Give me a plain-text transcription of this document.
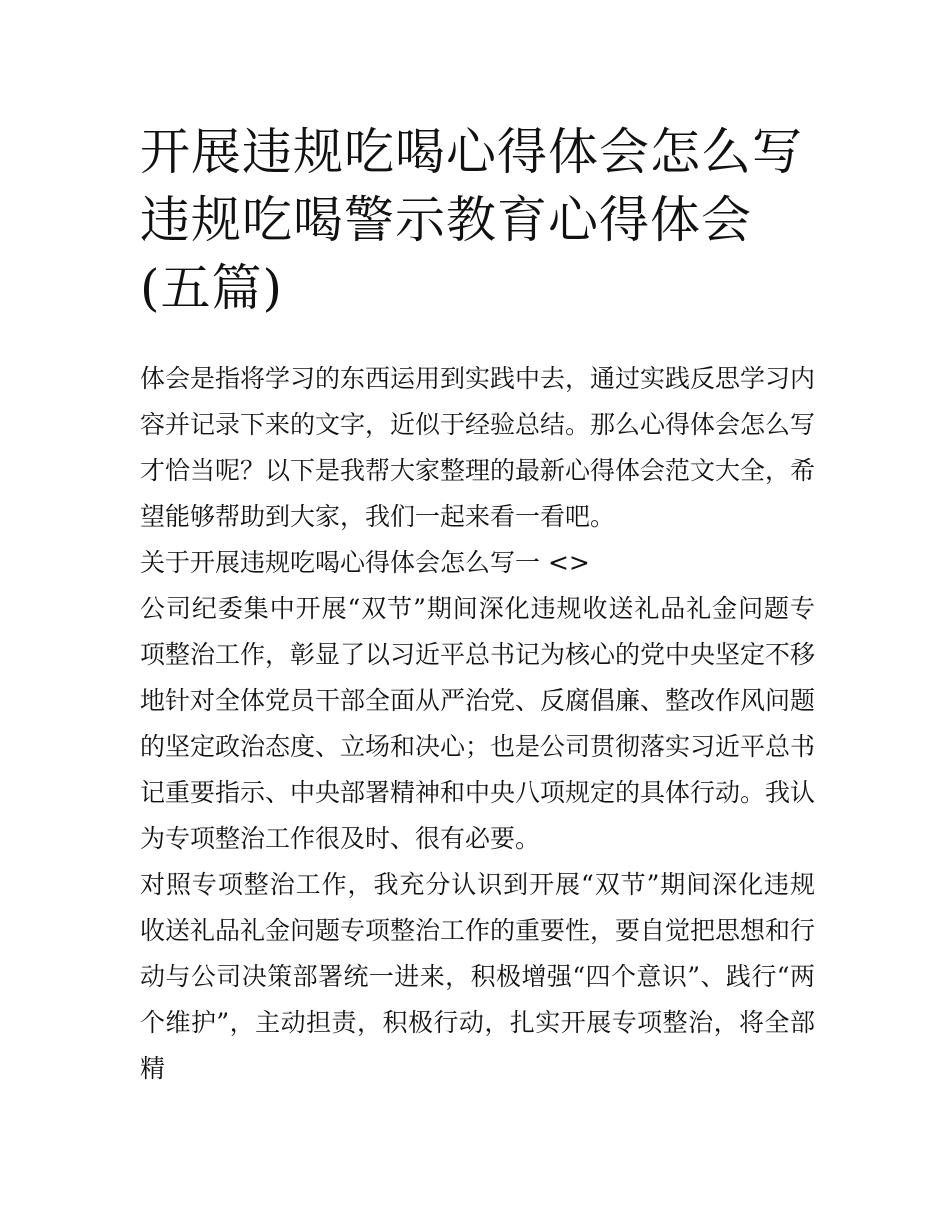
开展违规吃喝心得体会怎么写违规吃喝警示教育心得体会(五篇)

体会是指将学习的东西运用到实践中去，通过实践反思学习内容并记录下来的文字，近似于经验总结。那么心得体会怎么写才恰当呢？以下是我帮大家整理的最新心得体会范文大全，希望能够帮助到大家，我们一起来看一看吧。

关于开展违规吃喝心得体会怎么写一 <>

公司纪委集中开展“双节”期间深化违规收送礼品礼金问题专项整治工作，彰显了以习近平总书记为核心的党中央坚定不移地针对全体党员干部全面从严治党、反腐倡廉、整改作风问题的坚定政治态度、立场和决心；也是公司贯彻落实习近平总书记重要指示、中央部署精神和中央八项规定的具体行动。我认为专项整治工作很及时、很有必要。

对照专项整治工作，我充分认识到开展“双节”期间深化违规收送礼品礼金问题专项整治工作的重要性，要自觉把思想和行动与公司决策部署统一进来，积极增强“四个意识”、践行“两个维护”，主动担责，积极行动，扎实开展专项整治，将全部精
